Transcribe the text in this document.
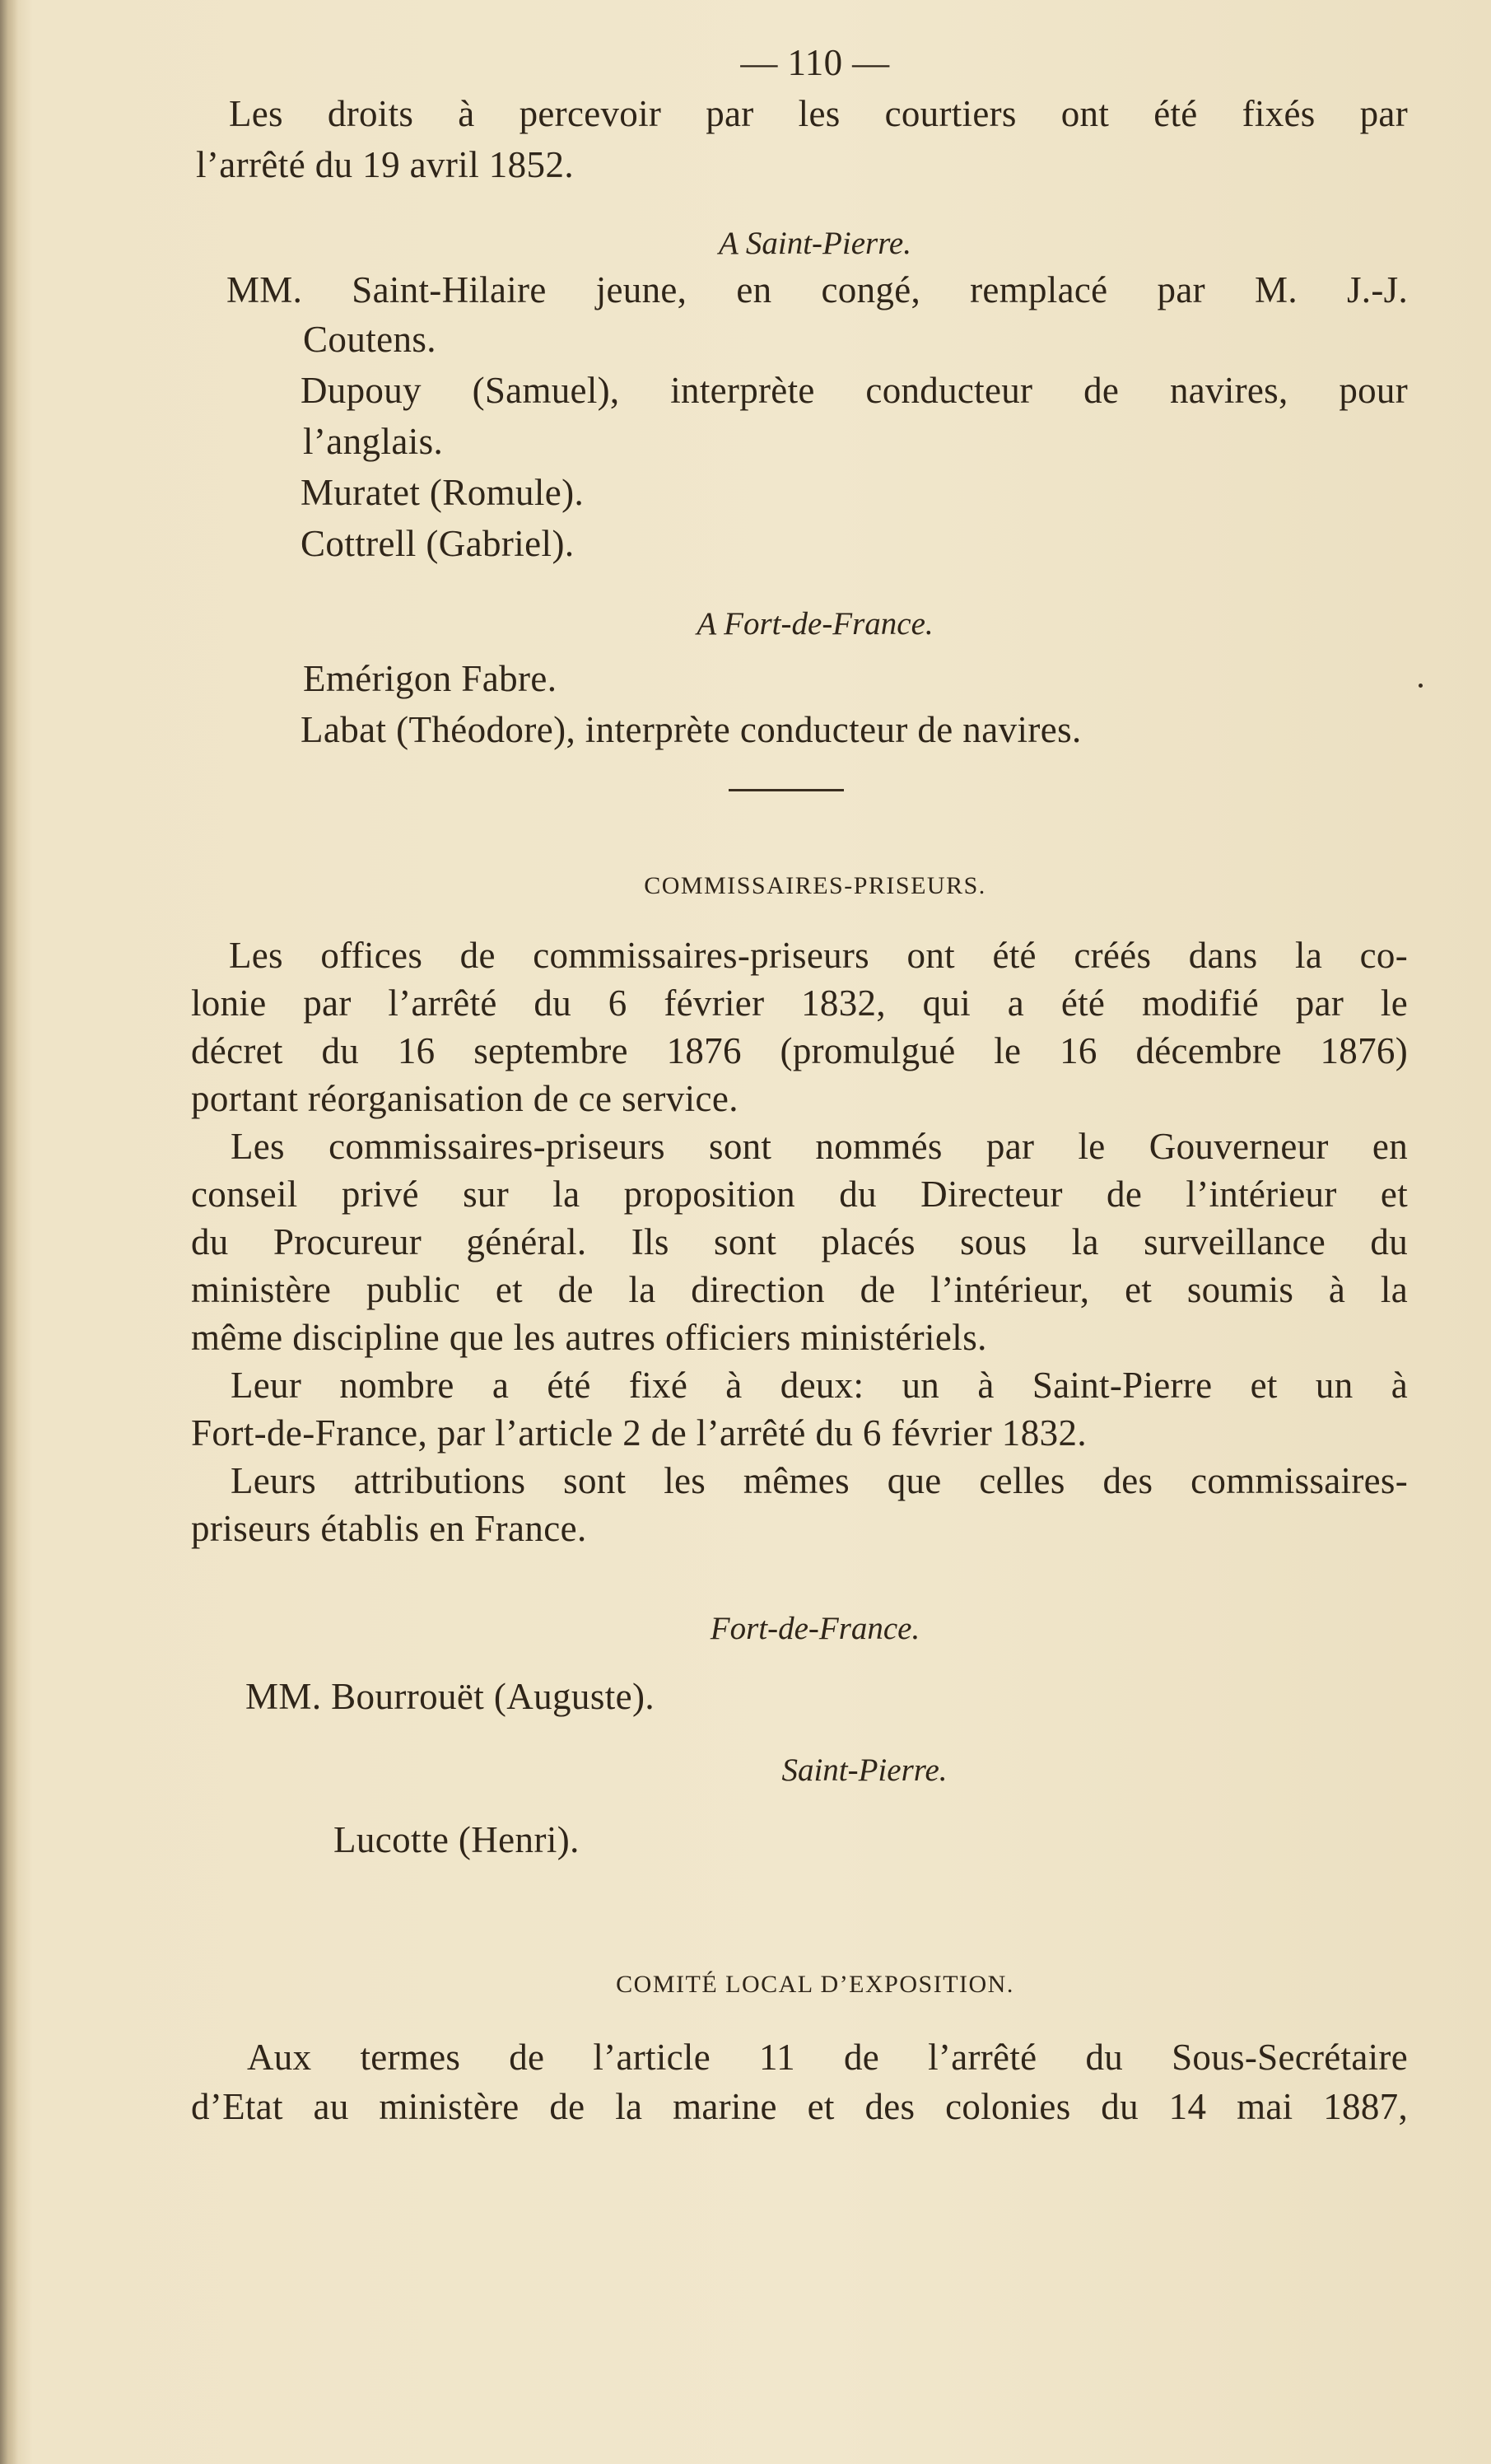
— 110 —
Les droits à percevoir par les courtiers ont été fixés par
l’arrêté du 19 avril 1852.
A Saint-Pierre.
MM. Saint-Hilaire jeune, en congé, remplacé par M. J.-J.
Coutens.
Dupouy (Samuel), interprète conducteur de navires, pour
l’anglais.
Muratet (Romule).
Cottrell (Gabriel).
A Fort-de-France.
Emérigon Fabre.
Labat (Théodore), interprète conducteur de navires.
COMMISSAIRES-PRISEURS.
Les offices de commissaires-priseurs ont été créés dans la co-
lonie par l’arrêté du 6 février 1832, qui a été modifié par le
décret du 16 septembre 1876 (promulgué le 16 décembre 1876)
portant réorganisation de ce service.
Les commissaires-priseurs sont nommés par le Gouverneur en
conseil privé sur la proposition du Directeur de l’intérieur et
du Procureur général. Ils sont placés sous la surveillance du
ministère public et de la direction de l’intérieur, et soumis à la
même discipline que les autres officiers ministériels.
Leur nombre a été fixé à deux: un à Saint-Pierre et un à
Fort-de-France, par l’article 2 de l’arrêté du 6 février 1832.
Leurs attributions sont les mêmes que celles des commissaires-
priseurs établis en France.
Fort-de-France.
MM. Bourrouët (Auguste).
Saint-Pierre.
Lucotte (Henri).
COMITÉ LOCAL D’EXPOSITION.
Aux termes de l’article 11 de l’arrêté du Sous-Secrétaire
d’Etat au ministère de la marine et des colonies du 14 mai 1887,
